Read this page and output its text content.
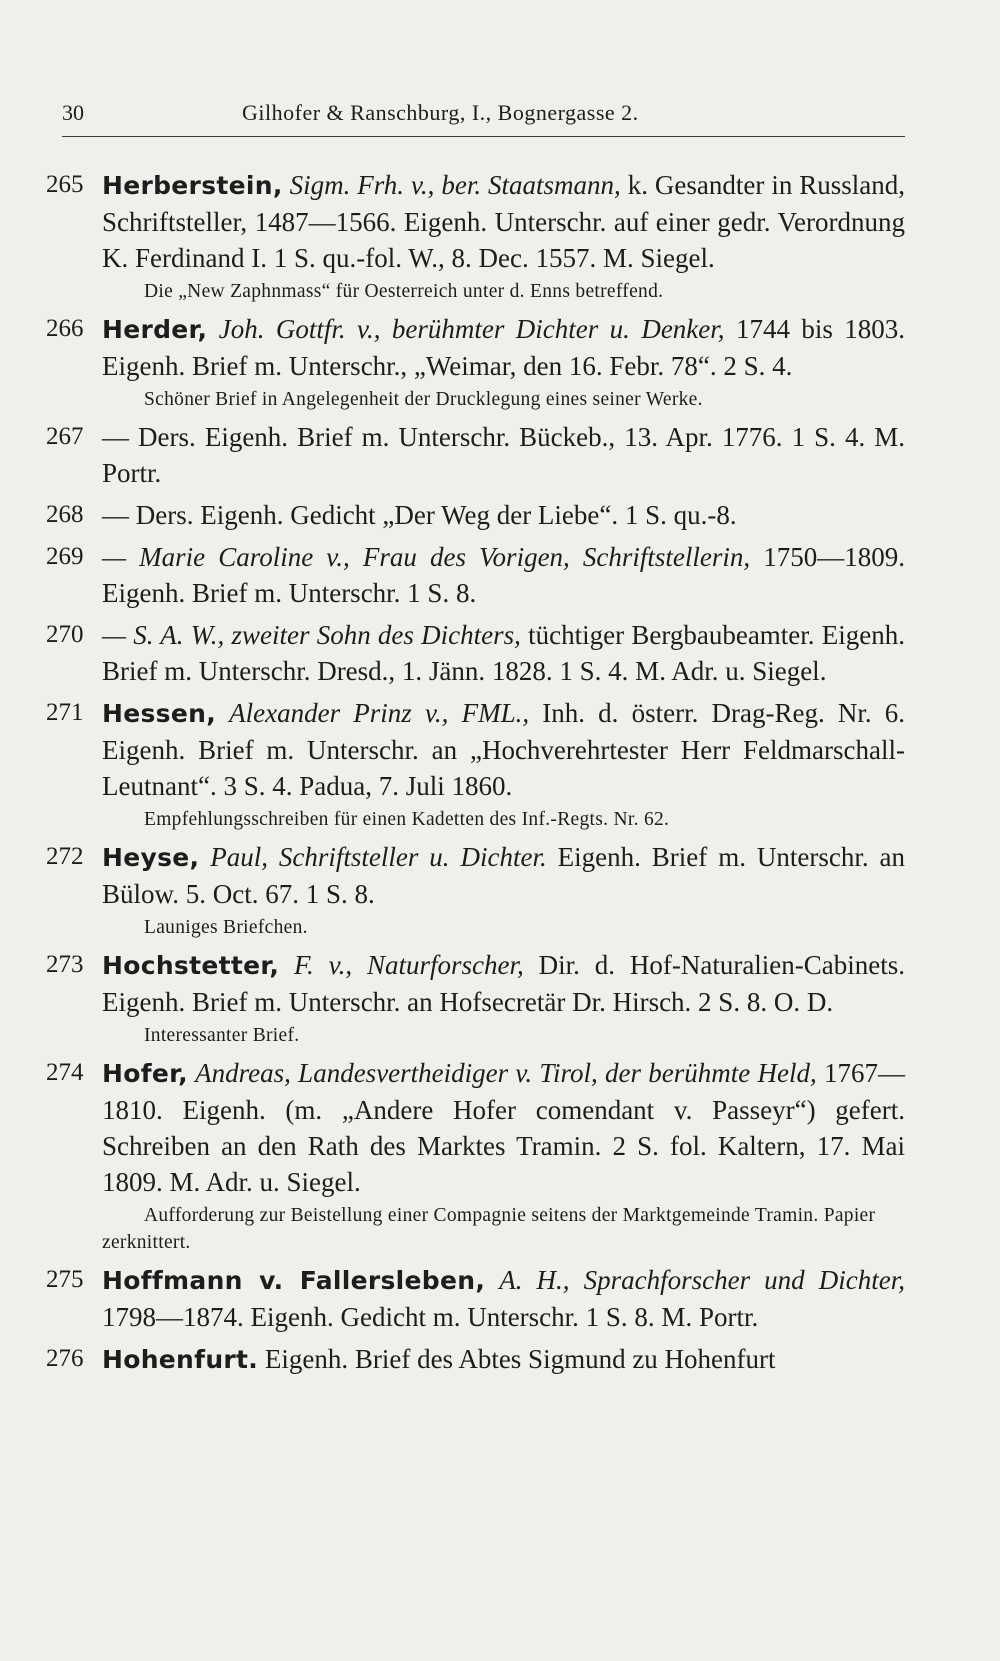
30	Gilhofer & Ranschburg, I., Bognergasse 2.
265 Herberstein, Sigm. Frh. v., ber. Staatsmann, k. Gesandter in Russland, Schriftsteller, 1487—1566. Eigenh. Unterschr. auf einer gedr. Verordnung K. Ferdinand I. 1 S. qu.-fol. W., 8. Dec. 1557. M. Siegel.
Die „New Zaphnmass“ für Oesterreich unter d. Enns betreffend.
266 Herder, Joh. Gottfr. v., berühmter Dichter u. Denker, 1744 bis 1803. Eigenh. Brief m. Unterschr., „Weimar, den 16. Febr. 78“. 2 S. 4.
Schöner Brief in Angelegenheit der Drucklegung eines seiner Werke.
267 — Ders. Eigenh. Brief m. Unterschr. Bückeb., 13. Apr. 1776. 1 S. 4. M. Portr.
268 — Ders. Eigenh. Gedicht „Der Weg der Liebe“. 1 S. qu.-8.
269 — Marie Caroline v., Frau des Vorigen, Schriftstellerin, 1750—1809. Eigenh. Brief m. Unterschr. 1 S. 8.
270 — S. A. W., zweiter Sohn des Dichters, tüchtiger Bergbaubeamter. Eigenh. Brief m. Unterschr. Dresd., 1. Jänn. 1828. 1 S. 4. M. Adr. u. Siegel.
271 Hessen, Alexander Prinz v., FML., Inh. d. österr. Drag-Reg. Nr. 6. Eigenh. Brief m. Unterschr. an „Hochverehrtester Herr Feldmarschall-Leutnant“. 3 S. 4. Padua, 7. Juli 1860.
Empfehlungsschreiben für einen Kadetten des Inf.-Regts. Nr. 62.
272 Heyse, Paul, Schriftsteller u. Dichter. Eigenh. Brief m. Unterschr. an Bülow. 5. Oct. 67. 1 S. 8.
Launiges Briefchen.
273 Hochstetter, F. v., Naturforscher, Dir. d. Hof-Naturalien-Cabinets. Eigenh. Brief m. Unterschr. an Hofsecretär Dr. Hirsch. 2 S. 8. O. D.
Interessanter Brief.
274 Hofer, Andreas, Landesvertheidiger v. Tirol, der berühmte Held, 1767—1810. Eigenh. (m. „Andere Hofer comendant v. Passeyr“) gefert. Schreiben an den Rath des Marktes Tramin. 2 S. fol. Kaltern, 17. Mai 1809. M. Adr. u. Siegel.
Aufforderung zur Beistellung einer Compagnie seitens der Marktgemeinde Tramin. Papier zerknittert.
275 Hoffmann v. Fallersleben, A. H., Sprachforscher und Dichter, 1798—1874. Eigenh. Gedicht m. Unterschr. 1 S. 8. M. Portr.
276 Hohenfurt. Eigenh. Brief des Abtes Sigmund zu Hohenfurt
